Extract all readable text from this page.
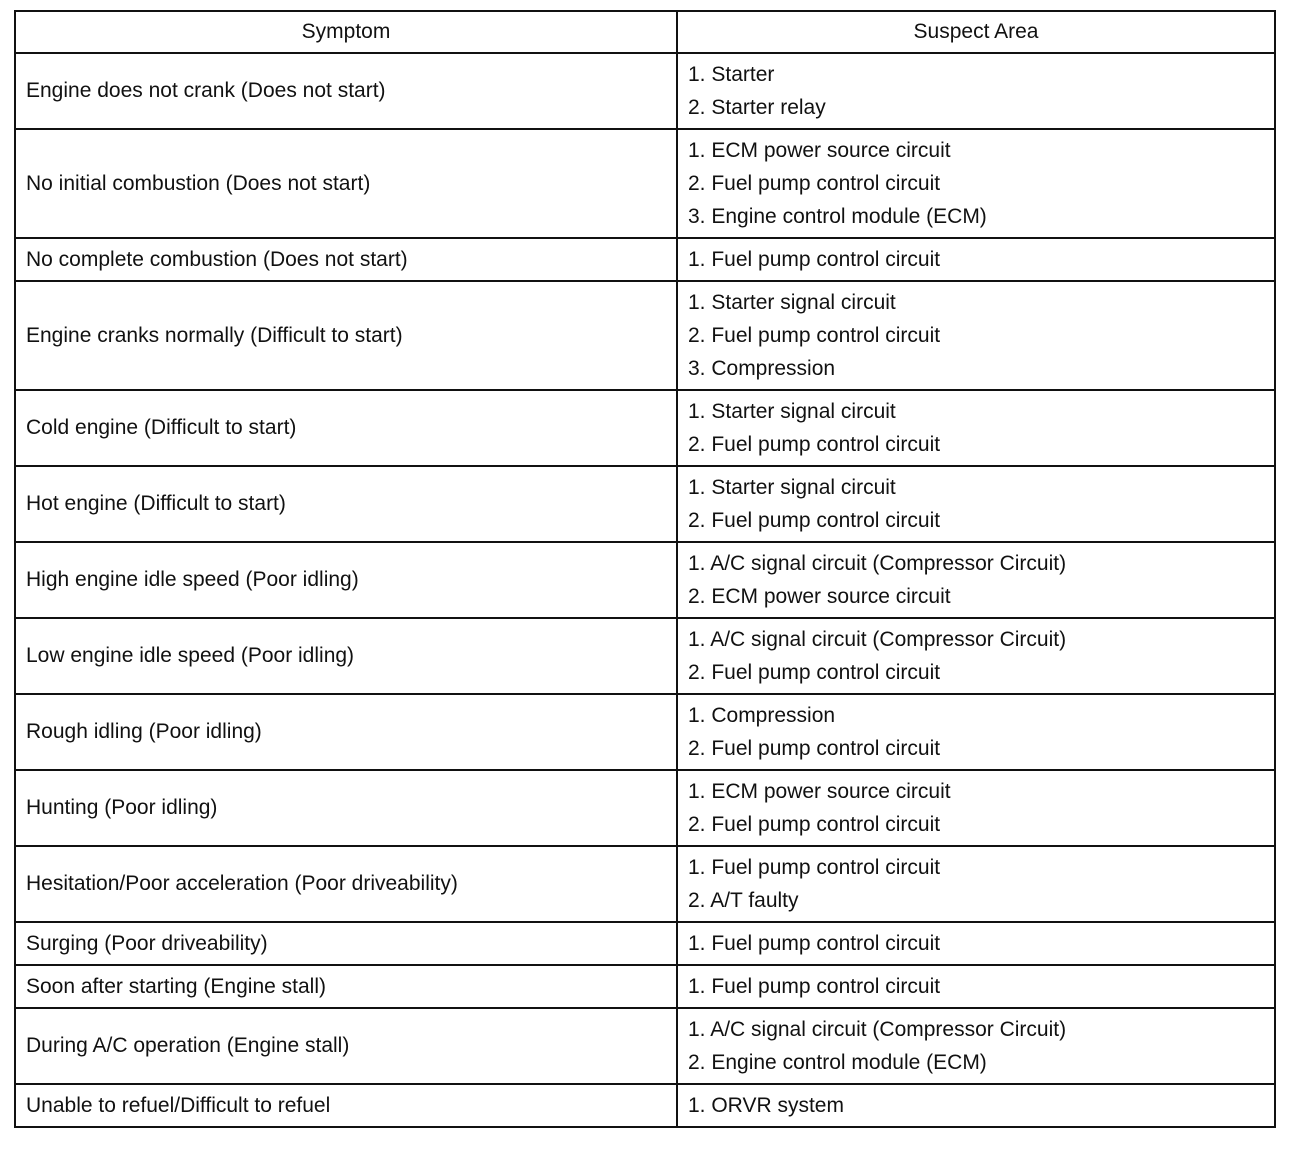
Symptom	Suspect Area
Engine does not crank (Does not start)	1. Starter
2. Starter relay

No initial combustion (Does not start)	1. ECM power source circuit
2. Fuel pump control circuit
3. Engine control module (ECM)

No complete combustion (Does not start)	1. Fuel pump control circuit

Engine cranks normally (Difficult to start)	1. Starter signal circuit
2. Fuel pump control circuit
3. Compression

Cold engine (Difficult to start)	1. Starter signal circuit
2. Fuel pump control circuit

Hot engine (Difficult to start)	1. Starter signal circuit
2. Fuel pump control circuit

High engine idle speed (Poor idling)	1. A/C signal circuit (Compressor Circuit)
2. ECM power source circuit

Low engine idle speed (Poor idling)	1. A/C signal circuit (Compressor Circuit)
2. Fuel pump control circuit

Rough idling (Poor idling)	1. Compression
2. Fuel pump control circuit

Hunting (Poor idling)	1. ECM power source circuit
2. Fuel pump control circuit

Hesitation/Poor acceleration (Poor driveability)	1. Fuel pump control circuit
2. A/T faulty

Surging (Poor driveability)	1. Fuel pump control circuit

Soon after starting (Engine stall)	1. Fuel pump control circuit

During A/C operation (Engine stall)	1. A/C signal circuit (Compressor Circuit)
2. Engine control module (ECM)

Unable to refuel/Difficult to refuel	1. ORVR system
